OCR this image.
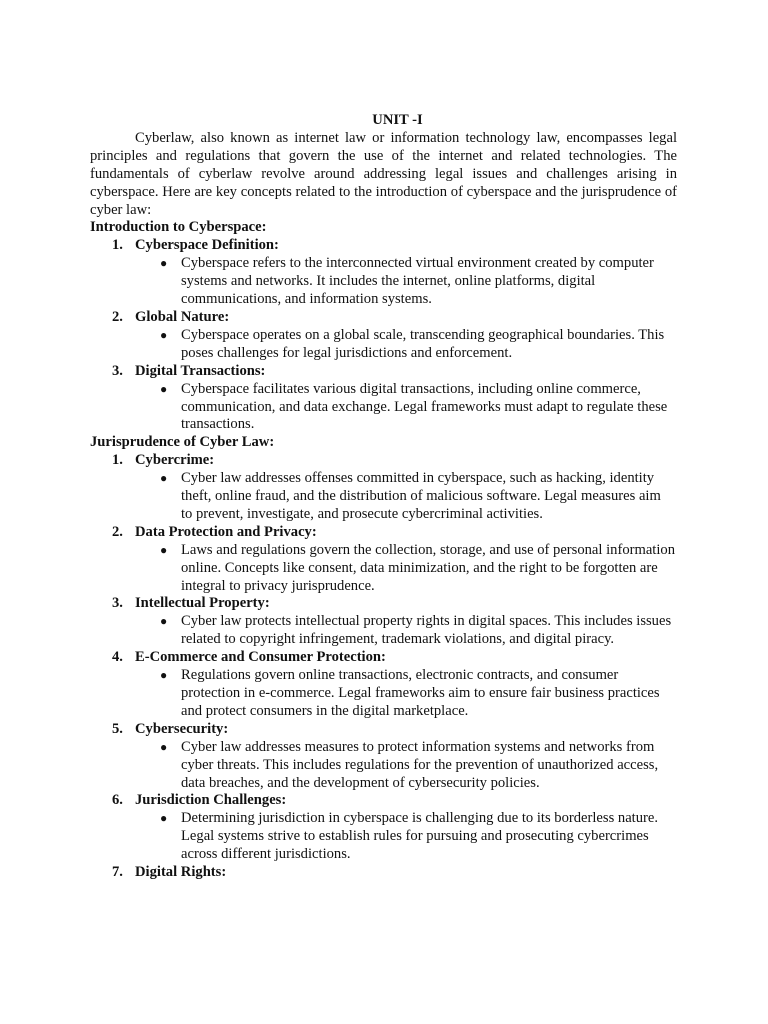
UNIT -I

Cyberlaw, also known as internet law or information technology law, encompasses legal principles and regulations that govern the use of the internet and related technologies. The fundamentals of cyberlaw revolve around addressing legal issues and challenges arising in cyberspace. Here are key concepts related to the introduction of cyberspace and the jurisprudence of cyber law:

Introduction to Cyberspace:

1. Cyberspace Definition:
● Cyberspace refers to the interconnected virtual environment created by computer systems and networks. It includes the internet, online platforms, digital communications, and information systems.
2. Global Nature:
● Cyberspace operates on a global scale, transcending geographical boundaries. This poses challenges for legal jurisdictions and enforcement.
3. Digital Transactions:
● Cyberspace facilitates various digital transactions, including online commerce, communication, and data exchange. Legal frameworks must adapt to regulate these transactions.

Jurisprudence of Cyber Law:

1. Cybercrime:
● Cyber law addresses offenses committed in cyberspace, such as hacking, identity theft, online fraud, and the distribution of malicious software. Legal measures aim to prevent, investigate, and prosecute cybercriminal activities.
2. Data Protection and Privacy:
● Laws and regulations govern the collection, storage, and use of personal information online. Concepts like consent, data minimization, and the right to be forgotten are integral to privacy jurisprudence.
3. Intellectual Property:
● Cyber law protects intellectual property rights in digital spaces. This includes issues related to copyright infringement, trademark violations, and digital piracy.
4. E-Commerce and Consumer Protection:
● Regulations govern online transactions, electronic contracts, and consumer protection in e-commerce. Legal frameworks aim to ensure fair business practices and protect consumers in the digital marketplace.
5. Cybersecurity:
● Cyber law addresses measures to protect information systems and networks from cyber threats. This includes regulations for the prevention of unauthorized access, data breaches, and the development of cybersecurity policies.
6. Jurisdiction Challenges:
● Determining jurisdiction in cyberspace is challenging due to its borderless nature. Legal systems strive to establish rules for pursuing and prosecuting cybercrimes across different jurisdictions.
7. Digital Rights:
